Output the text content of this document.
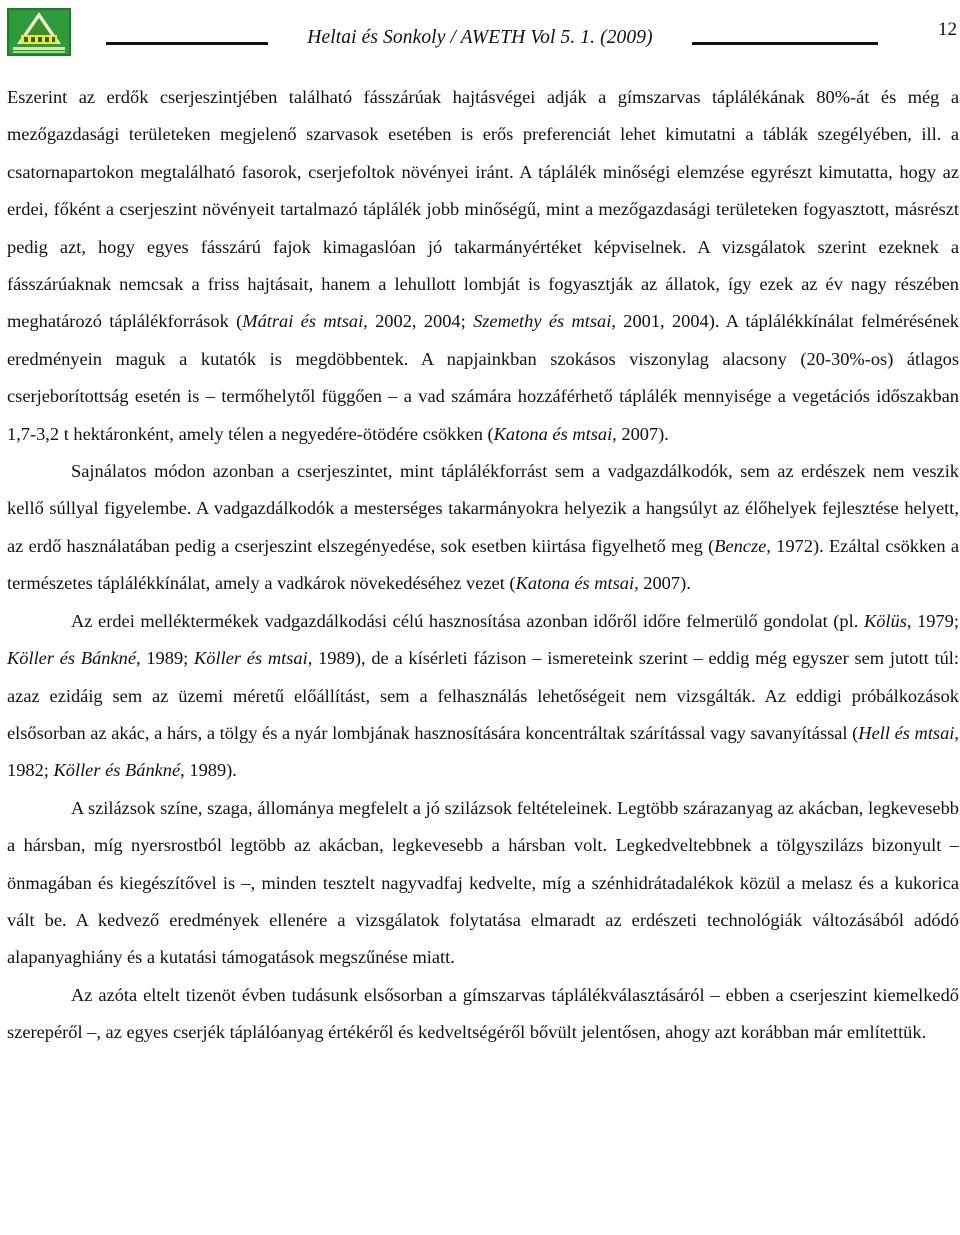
Heltai és Sonkoly / AWETH Vol 5. 1. (2009)	12

Eszerint az erdők cserjeszintjében található fásszárúak hajtásvégei adják a gímszarvas táplálékának 80%-át és még a mezőgazdasági területeken megjelenő szarvasok esetében is erős preferenciát lehet kimutatni a táblák szegélyében, ill. a csatornapartokon megtalálható fasorok, cserjefoltok növényei iránt. A táplálék minőségi elemzése egyrészt kimutatta, hogy az erdei, főként a cserjeszint növényeit tartalmazó táplálék jobb minőségű, mint a mezőgazdasági területeken fogyasztott, másrészt pedig azt, hogy egyes fásszárú fajok kimagaslóan jó takarmányértéket képviselnek. A vizsgálatok szerint ezeknek a fásszárúaknak nemcsak a friss hajtásait, hanem a lehullott lombját is fogyasztják az állatok, így ezek az év nagy részében meghatározó táplálékforrások (Mátrai és mtsai, 2002, 2004; Szemethy és mtsai, 2001, 2004). A táplálékkínálat felmérésének eredményein maguk a kutatók is megdöbbentek. A napjainkban szokásos viszonylag alacsony (20-30%-os) átlagos cserjeborítottság esetén is – termőhelytől függően – a vad számára hozzáférhető táplálék mennyisége a vegetációs időszakban 1,7-3,2 t hektáronként, amely télen a negyedére-ötödére csökken (Katona és mtsai, 2007).

Sajnálatos módon azonban a cserjeszintet, mint táplálékforrást sem a vadgazdálkodók, sem az erdészek nem veszik kellő súllyal figyelembe. A vadgazdálkodók a mesterséges takarmányokra helyezik a hangsúlyt az élőhelyek fejlesztése helyett, az erdő használatában pedig a cserjeszint elszegényedése, sok esetben kiirtása figyelhető meg (Bencze, 1972). Ezáltal csökken a természetes táplálékkínálat, amely a vadkárok növekedéséhez vezet (Katona és mtsai, 2007).

Az erdei melléktermékek vadgazdálkodási célú hasznosítása azonban időről időre felmerülő gondolat (pl. Kölüs, 1979; Köller és Bánkné, 1989; Köller és mtsai, 1989), de a kísérleti fázison – ismereteink szerint – eddig még egyszer sem jutott túl: azaz ezidáig sem az üzemi méretű előállítást, sem a felhasználás lehetőségeit nem vizsgálták. Az eddigi próbálkozások elsősorban az akác, a hárs, a tölgy és a nyár lombjának hasznosítására koncentráltak szárítással vagy savanyítással (Hell és mtsai, 1982; Köller és Bánkné, 1989).

A szilázsok színe, szaga, állománya megfelelt a jó szilázsok feltételeinek. Legtöbb szárazanyag az akácban, legkevesebb a hársban, míg nyersrostból legtöbb az akácban, legkevesebb a hársban volt. Legkedveltebbnek a tölgyszilázs bizonyult – önmagában és kiegészítővel is –, minden tesztelt nagyvadfaj kedvelte, míg a szénhidrátadalékok közül a melasz és a kukorica vált be. A kedvező eredmények ellenére a vizsgálatok folytatása elmaradt az erdészeti technológiák változásából adódó alapanyaghiány és a kutatási támogatások megszűnése miatt.

Az azóta eltelt tizenöt évben tudásunk elsősorban a gímszarvas táplálékválasztásáról – ebben a cserjeszint kiemelkedő szerepéről –, az egyes cserjék táplálóanyag értékéről és kedveltségéről bővült jelentősen, ahogy azt korábban már említettük.
